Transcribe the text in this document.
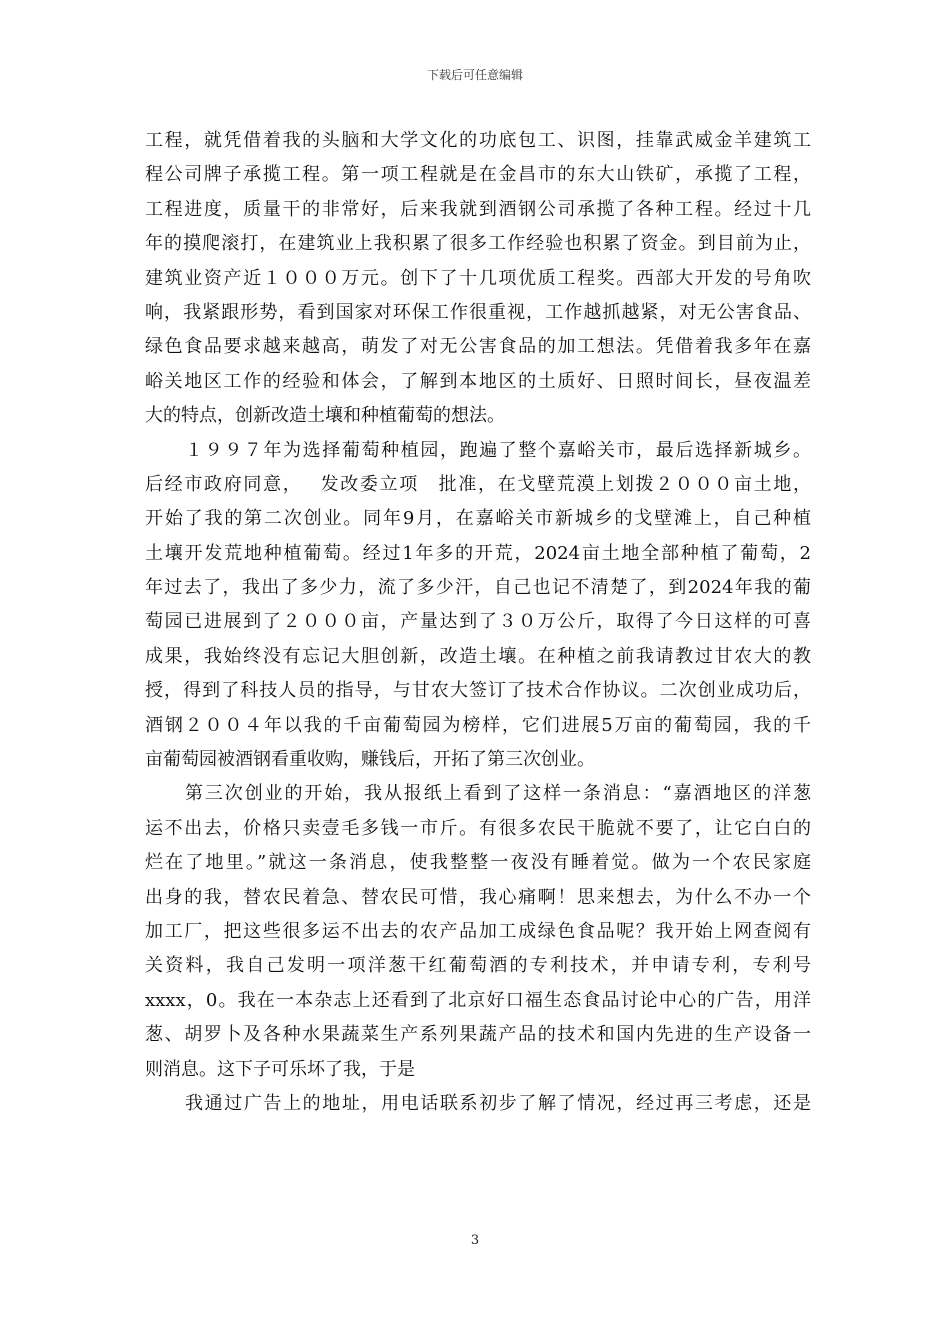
下载后可任意编辑
工程，就凭借着我的头脑和大学文化的功底包工、识图，挂靠武威金羊建筑工
程公司牌子承揽工程。第一项工程就是在金昌市的东大山铁矿，承揽了工程，
工程进度，质量干的非常好，后来我就到酒钢公司承揽了各种工程。经过十几
年的摸爬滚打，在建筑业上我积累了很多工作经验也积累了资金。到目前为止，
建筑业资产近１０００万元。创下了十几项优质工程奖。西部大开发的号角吹
响，我紧跟形势，看到国家对环保工作很重视，工作越抓越紧，对无公害食品、
绿色食品要求越来越高，萌发了对无公害食品的加工想法。凭借着我多年在嘉
峪关地区工作的经验和体会，了解到本地区的土质好、日照时间长，昼夜温差
大的特点，创新改造土壤和种植葡萄的想法。
１９９７年为选择葡萄种植园，跑遍了整个嘉峪关市，最后选择新城乡。
后经市政府同意，　 发改委立项　批准，在戈壁荒漠上划拨２０００亩土地，
开始了我的第二次创业。同年9月，在嘉峪关市新城乡的戈壁滩上，自己种植
土壤开发荒地种植葡萄。经过1年多的开荒，2024亩土地全部种植了葡萄，2
年过去了，我出了多少力，流了多少汗，自己也记不清楚了，到2024年我的葡
萄园已进展到了２０００亩，产量达到了３０万公斤，取得了今日这样的可喜
成果，我始终没有忘记大胆创新，改造土壤。在种植之前我请教过甘农大的教
授，得到了科技人员的指导，与甘农大签订了技术合作协议。二次创业成功后，
酒钢２００４年以我的千亩葡萄园为榜样，它们进展5万亩的葡萄园，我的千
亩葡萄园被酒钢看重收购，赚钱后，开拓了第三次创业。
第三次创业的开始，我从报纸上看到了这样一条消息：“嘉酒地区的洋葱
运不出去，价格只卖壹毛多钱一市斤。有很多农民干脆就不要了，让它白白的
烂在了地里。”就这一条消息，使我整整一夜没有睡着觉。做为一个农民家庭
出身的我，替农民着急、替农民可惜，我心痛啊！思来想去，为什么不办一个
加工厂，把这些很多运不出去的农产品加工成绿色食品呢？我开始上网查阅有
关资料，我自己发明一项洋葱干红葡萄酒的专利技术，并申请专利，专利号
xxxx，0。我在一本杂志上还看到了北京好口福生态食品讨论中心的广告，用洋
葱、胡罗卜及各种水果蔬菜生产系列果蔬产品的技术和国内先进的生产设备一
则消息。这下子可乐坏了我，于是
我通过广告上的地址，用电话联系初步了解了情况，经过再三考虑，还是
3
